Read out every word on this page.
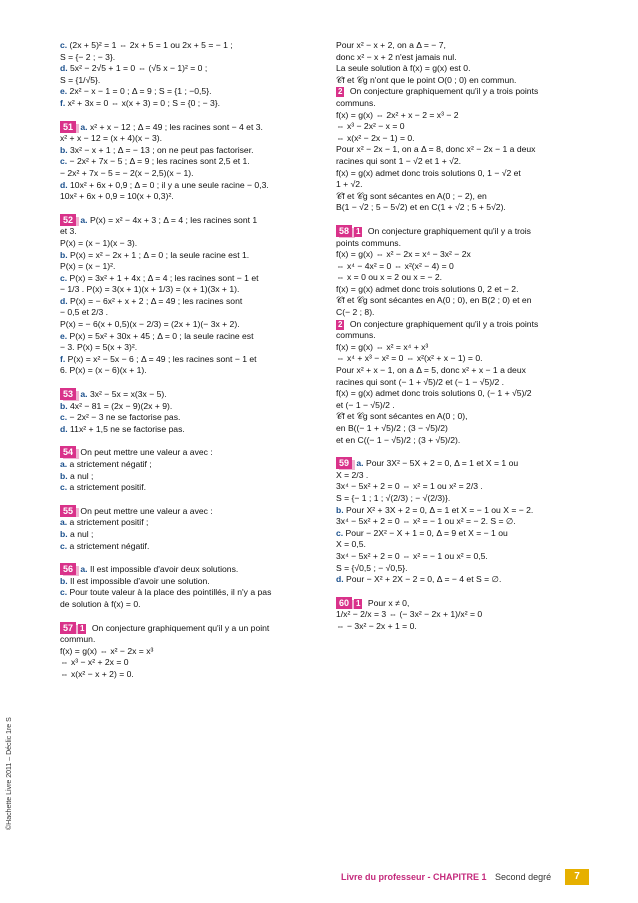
©Hachette Livre 2011 – Déclic 1re S
c. (2x + 5)² = 1 ⇔ 2x + 5 = 1 ou 2x + 5 = − 1 ;
S = {− 2 ; − 3}.
d. 5x² − 2√5 + 1 = 0 ⇔ (√5 x − 1)² = 0 ;
S = {1/√5}.
e. 2x² − x − 1 = 0 ; Δ = 9 ; S = {1 ; −0,5}.
f. x² + 3x = 0 ⇔ x(x + 3) = 0 ; S = {0 ; − 3}.
51 a. x² + x − 12 ; Δ = 49 ; les racines sont − 4 et 3.
x² + x − 12 = (x + 4)(x − 3).
b. 3x² − x + 1 ; Δ = − 13 ; on ne peut pas factoriser.
c. − 2x² + 7x − 5 ; Δ = 9 ; les racines sont 2,5 et 1.
− 2x² + 7x − 5 = − 2(x − 2,5)(x − 1).
d. 10x² + 6x + 0,9 ; Δ = 0 ; il y a une seule racine − 0,3.
10x² + 6x + 0,9 = 10(x + 0,3)².
52 a. P(x) = x² − 4x + 3 ; Δ = 4 ; les racines sont 1
et 3.
P(x) = (x − 1)(x − 3).
b. P(x) = x² − 2x + 1 ; Δ = 0 ; la seule racine est 1.
P(x) = (x − 1)².
c. P(x) = 3x² + 1 + 4x ; Δ = 4 ; les racines sont − 1 et
− 1/3 . P(x) = 3(x + 1)(x + 1/3) = (x + 1)(3x + 1).
d. P(x) = − 6x² + x + 2 ; Δ = 49 ; les racines sont
− 0,5 et 2/3 .
P(x) = − 6(x + 0,5)(x − 2/3) = (2x + 1)(− 3x + 2).
e. P(x) = 5x² + 30x + 45 ; Δ = 0 ; la seule racine est
− 3. P(x) = 5(x + 3)².
f. P(x) = x² − 5x − 6 ; Δ = 49 ; les racines sont − 1 et
6. P(x) = (x − 6)(x + 1).
53 a. 3x² − 5x = x(3x − 5).
b. 4x² − 81 = (2x − 9)(2x + 9).
c. − 2x² − 3 ne se factorise pas.
d. 11x² + 1,5 ne se factorise pas.
54 On peut mettre une valeur a avec :
a. a strictement négatif ;
b. a nul ;
c. a strictement positif.
55 On peut mettre une valeur a avec :
a. a strictement positif ;
b. a nul ;
c. a strictement négatif.
56 a. Il est impossible d'avoir deux solutions.
b. Il est impossible d'avoir une solution.
c. Pour toute valeur à la place des pointillés, il n'y a pas
de solution à f(x) = 0.
57 1 On conjecture graphiquement qu'il y a un point
commun.
f(x) = g(x) ⇔ x² − 2x = x³
⇔ x³ − x² + 2x = 0
⇔ x(x² − x + 2) = 0.
Pour x² − x + 2, on a Δ = − 7,
donc x² − x + 2 n'est jamais nul.
La seule solution à f(x) = g(x) est 0.
𝒞f et 𝒞g n'ont que le point O(0 ; 0) en commun.
2 On conjecture graphiquement qu'il y a trois points
communs.
f(x) = g(x) ⇔ 2x² + x − 2 = x³ − 2
⇔ x³ − 2x² − x = 0
⇔ x(x² − 2x − 1) = 0.
Pour x² − 2x − 1, on a Δ = 8, donc x² − 2x − 1 a deux
racines qui sont 1 − √2 et 1 + √2.
f(x) = g(x) admet donc trois solutions 0, 1 − √2 et
1 + √2.
𝒞f et 𝒞g sont sécantes en A(0 ; − 2), en
B(1 − √2 ; 5 − 5√2) et en C(1 + √2 ; 5 + 5√2).
58 1 On conjecture graphiquement qu'il y a trois
points communs.
f(x) = g(x) ⇔ x² − 2x = x⁴ − 3x² − 2x
⇔ x⁴ − 4x² = 0 ⇔ x²(x² − 4) = 0
⇔ x = 0 ou x = 2 ou x = − 2.
f(x) = g(x) admet donc trois solutions 0, 2 et − 2.
𝒞f et 𝒞g sont sécantes en A(0 ; 0), en B(2 ; 0) et en
C(− 2 ; 8).
2 On conjecture graphiquement qu'il y a trois points
communs.
f(x) = g(x) ⇔ x² = x⁴ + x³
⇔ x⁴ + x³ − x² = 0 ⇔ x²(x² + x − 1) = 0.
Pour x² + x − 1, on a Δ = 5, donc x² + x − 1 a deux
racines qui sont (− 1 + √5)/2 et (− 1 − √5)/2 .
f(x) = g(x) admet donc trois solutions 0, (− 1 + √5)/2
et (− 1 − √5)/2 .
𝒞f et 𝒞g sont sécantes en A(0 ; 0),
en B((− 1 + √5)/2 ; (3 − √5)/2)
et en C((− 1 − √5)/2 ; (3 + √5)/2).
59 a. Pour 3X² − 5X + 2 = 0, Δ = 1 et X = 1 ou
X = 2/3 .
3x⁴ − 5x² + 2 = 0 ⇔ x² = 1 ou x² = 2/3 .
S = {− 1 ; 1 ; √(2/3) ; − √(2/3)}.
b. Pour X² + 3X + 2 = 0, Δ = 1 et X = − 1 ou X = − 2.
3x⁴ − 5x² + 2 = 0 ⇔ x² = − 1 ou x² = − 2. S = ∅.
c. Pour − 2X² − X + 1 = 0, Δ = 9 et X = − 1 ou
X = 0,5.
3x⁴ − 5x² + 2 = 0 ⇔ x² = − 1 ou x² = 0,5.
S = {√0,5 ; − √0,5}.
d. Pour − X² + 2X − 2 = 0, Δ = − 4 et S = ∅.
60 1 Pour x ≠ 0,
1/x² − 2/x = 3 ⇔ (− 3x² − 2x + 1)/x² = 0
⇔ − 3x² − 2x + 1 = 0.
Livre du professeur - CHAPITRE 1 Second degré	7
